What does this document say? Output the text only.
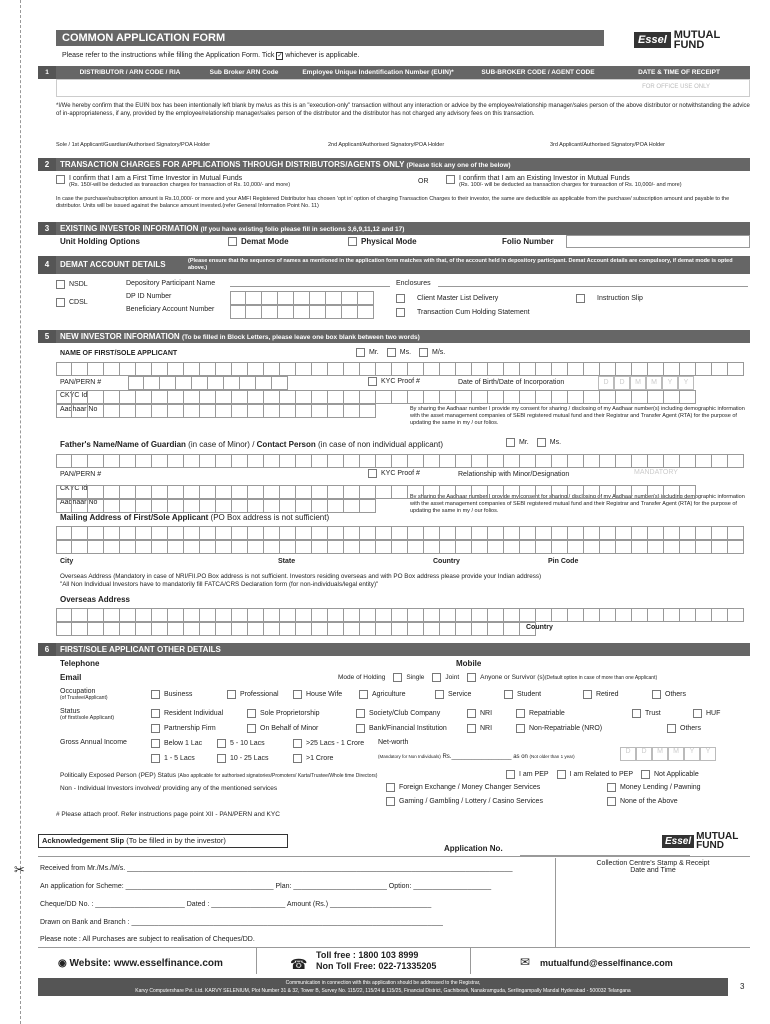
✂
COMMON APPLICATION FORM
Please refer to the instructions while filling the Application Form. Tick ✓ whichever is applicable.
Essel MUTUAL
FUND
1	DISTRIBUTOR / ARN CODE / RIA	Sub Broker ARN Code	Employee Unique Indentification Number (EUIN)*	SUB-BROKER CODE / AGENT CODE	DATE & TIME OF RECEIPT
FOR OFFICE USE ONLY
*I/We hereby confirm that the EUIN box has been intentionally left blank by me/us as this is an "execution-only" transaction without any interaction or advice by the employee/relationship manager/sales person of the above distributor or notwithstanding the advice of in-appropriateness, if any, provided by the employee/relationship manager/sales person of the distributor and the distributor has not charged any advisory fees on this transaction.
Sole / 1st Applicant/Guardian/Authorised Signatory/POA Holder	2nd Applicant/Authorised Signatory/POA Holder	3rd Applicant/Authorised Signatory/POA Holder
2	TRANSACTION CHARGES FOR APPLICATIONS THROUGH DISTRIBUTORS/AGENTS ONLY (Please tick any one of the below)
I confirm that I am a First Time Investor in Mutual Funds
(Rs. 150/-will be deducted as transaction charges for transaction of Rs. 10,000/- and more)	OR	I confirm that I am an Existing Investor in Mutual Funds
(Rs. 100/- will be deducted as transaction charges for transaction of Rs. 10,000/- and more)
In case the purchase/subscription amount is Rs.10,000/- or more and your AMFI Registered Distributor has chosen 'opt in' option of charging Transaction Charges to their investor, the same are deductible as applicable from the purchase/ subscription amount and payable to the distributor. Units will be issued against the balance amount invested.(refer General Information Point No. 11)
3	EXISTING INVESTOR INFORMATION (If you have existing folio please fill in sections 3,6,9,11,12 and 17)
Unit Holding Options	Demat Mode	Physical Mode	Folio Number
4	DEMAT ACCOUNT DETAILS	(Please ensure that the sequence of names as mentioned in the application form matches with that, of the account held in depository participant. Demat Account details are compulsory, if demat mode is opted above.)
NSDL
CDSL
Depository Participant Name
DP ID Number
Beneficiary Account Number
Enclosures
Client Master List Delivery	Instruction Slip
Transaction Cum Holding Statement
5	NEW INVESTOR INFORMATION (To be filled in Block Letters, please leave one box blank between two words)
NAME OF FIRST/SOLE APPLICANT	Mr.	Ms.	M/s.
PAN/PERN #	KYC Proof #	Date of Birth/Date of Incorporation	D	D	M	M	Y	Y
CKYC Id
Aadhaar No	By sharing the Aadhaar number I provide my consent for sharing / disclosing of my Aadhaar number(s) including demographic information with the asset management companies of SEBI registered mutual fund and their Registrar and Transfer Agent (RTA) for the purpose of updating the same in my / our folios.
Father's Name/Name of Guardian (in case of Minor) / Contact Person (in case of non individual applicant)	Mr.	Ms.
PAN/PERN #	KYC Proof #	Relationship with Minor/Designation	MANDATORY
CKYC Id
Aadhaar No
By sharing the Aadhaar number I provide my consent for sharing / disclosing of my Aadhaar number(s) including demographic information with the asset management companies of SEBI registered mutual fund and their Registrar and Transfer Agent (RTA) for the purpose of updating the same in my / our folios.
Mailing Address of First/Sole Applicant (PO Box address is not sufficient)
City	State	Country	Pin Code
Overseas Address (Mandatory in case of NRI/FII.PO Box address is not sufficient. Investors residing overseas and with PO Box address please provide your Indian address)
"All Non Individual Investors have to mandatorily fill FATCA/CRS Declaration form (for non-individuals/legal entity)"
Overseas Address
Country
6	FIRST/SOLE APPLICANT OTHER DETAILS
Telephone	Mobile
Email	Mode of Holding	Single	Joint	Anyone or Survivor (s) (Default option in case of more than one Applicant)
Occupation
(of Trustee/Applicant)	Business	Professional	House Wife	Agriculture	Service	Student	Retired	Others
Status
(of first/sole Applicant)
Resident Individual	Sole Proprietorship	Society/Club Company	NRI	Repatriable	Trust	HUF
Partnership Firm	On Behalf of Minor	Bank/Financial Institution	NRI	Non-Repatriable (NRO)	Others
Gross Annual Income	Below 1 Lac	5 - 10 Lacs	>25 Lacs - 1 Crore
1 - 5 Lacs	10 - 25 Lacs	>1 Crore
Net-worth
(Mandatory for Non Individuals) Rs.__________________ as on (Not older than 1 year)
D	D	M	M	Y	Y
Politically Exposed Person (PEP) Status (Also applicable for authorised signatories/Promoters/ Karta/Trustee/Whole time Directors)	I am PEP	I am Related to PEP	Not Applicable
Non - Individual Investors involved/ providing any of the mentioned services	Foreign Exchange / Money Changer Services	Money Lending / Pawning
Gaming / Gambling / Lottery / Casino Services	None of the Above
# Please attach proof. Refer instructions page point XII - PAN/PERN and KYC
Acknowledgement Slip (To be filled in by the investor)
Application No.
Essel MUTUAL
FUND
Collection Centre's Stamp & Receipt
Date and Time
Received from Mr./Ms./M/s. ___________________________________________________________________________________________________
An application for Scheme: ______________________________________ Plan: ________________________ Option: ____________________
Cheque/DD No. : _______________________ Dated : ___________________ Amount (Rs.) __________________________
Drawn on Bank and Branch : ________________________________________________________________________________
Please note : All Purchases are subject to realisation of Cheques/DD.
◉ Website: www.esselfinance.com	☎
Toll free : 1800 103 8999
Non Toll Free: 022-71335205	✉ mutualfund@esselfinance.com
Communication in connection with this application should be addressed to the Registrar,
Karvy Computershare Pvt. Ltd. KARVY SELENIUM, Plot Number 31 & 32, Tower B, Survey No. 115/22, 115/24 & 115/25, Financial District, Gachibowli, Nanakramguda, Serilingampally Mandal Hyderabad - 500032 Telangana	3
